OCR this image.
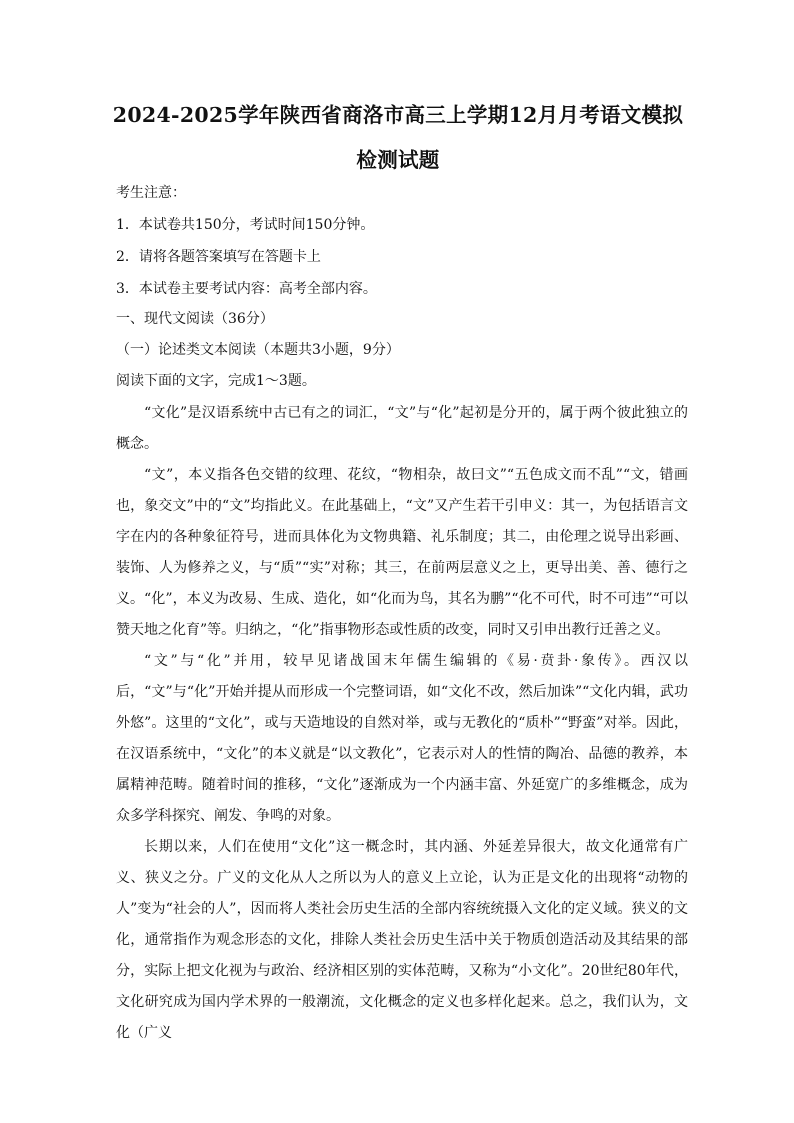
2024-2025学年陕西省商洛市高三上学期12月月考语文模拟
检测试题
考生注意：
1．本试卷共150分，考试时间150分钟。
2．请将各题答案填写在答题卡上
3．本试卷主要考试内容：高考全部内容。
一、现代文阅读（36分）
（一）论述类文本阅读（本题共3小题，9分）
阅读下面的文字，完成1～3题。

“文化”是汉语系统中古已有之的词汇，“文”与“化”起初是分开的，属于两个彼此独立的概念。

“文”，本义指各色交错的纹理、花纹，“物相杂，故曰文”“五色成文而不乱”“文，错画也，象交文”中的“文”均指此义。在此基础上，“文”又产生若干引申义：其一，为包括语言文字在内的各种象征符号，进而具体化为文物典籍、礼乐制度；其二，由伦理之说导出彩画、装饰、人为修养之义，与“质”“实”对称；其三，在前两层意义之上，更导出美、善、德行之义。 “化”，本义为改易、生成、造化，如“化而为鸟，其名为鹏”“化不可代，时不可违”“可以赞天地之化育”等。归纳之，“化”指事物形态或性质的改变，同时又引申出教行迁善之义。

“文”与“化”并用，较早见诸战国末年儒生编辑的《易·贲卦·象传》。西汉以后，“文”与“化”开始并提从而形成一个完整词语，如“文化不改，然后加诛”“文化内辑，武功外悠”。这里的“文化”，或与天造地设的自然对举，或与无教化的“质朴”“野蛮”对举。因此，在汉语系统中，“文化”的本义就是“以文教化”，它表示对人的性情的陶冶、品德的教养，本属精神范畴。随着时间的推移，“文化”逐渐成为一个内涵丰富、外延宽广的多维概念，成为众多学科探究、阐发、争鸣的对象。

长期以来，人们在使用“文化”这一概念时，其内涵、外延差异很大，故文化通常有广义、狭义之分。广义的文化从人之所以为人的意义上立论，认为正是文化的出现将“动物的人”变为“社会的人”，因而将人类社会历史生活的全部内容统统摄入文化的定义域。狭义的文化，通常指作为观念形态的文化，排除人类社会历史生活中关于物质创造活动及其结果的部分，实际上把文化视为与政治、经济相区别的实体范畴，又称为“小文化”。20世纪80年代，文化研究成为国内学术界的一般潮流，文化概念的定义也多样化起来。总之，我们认为，文化（广义
